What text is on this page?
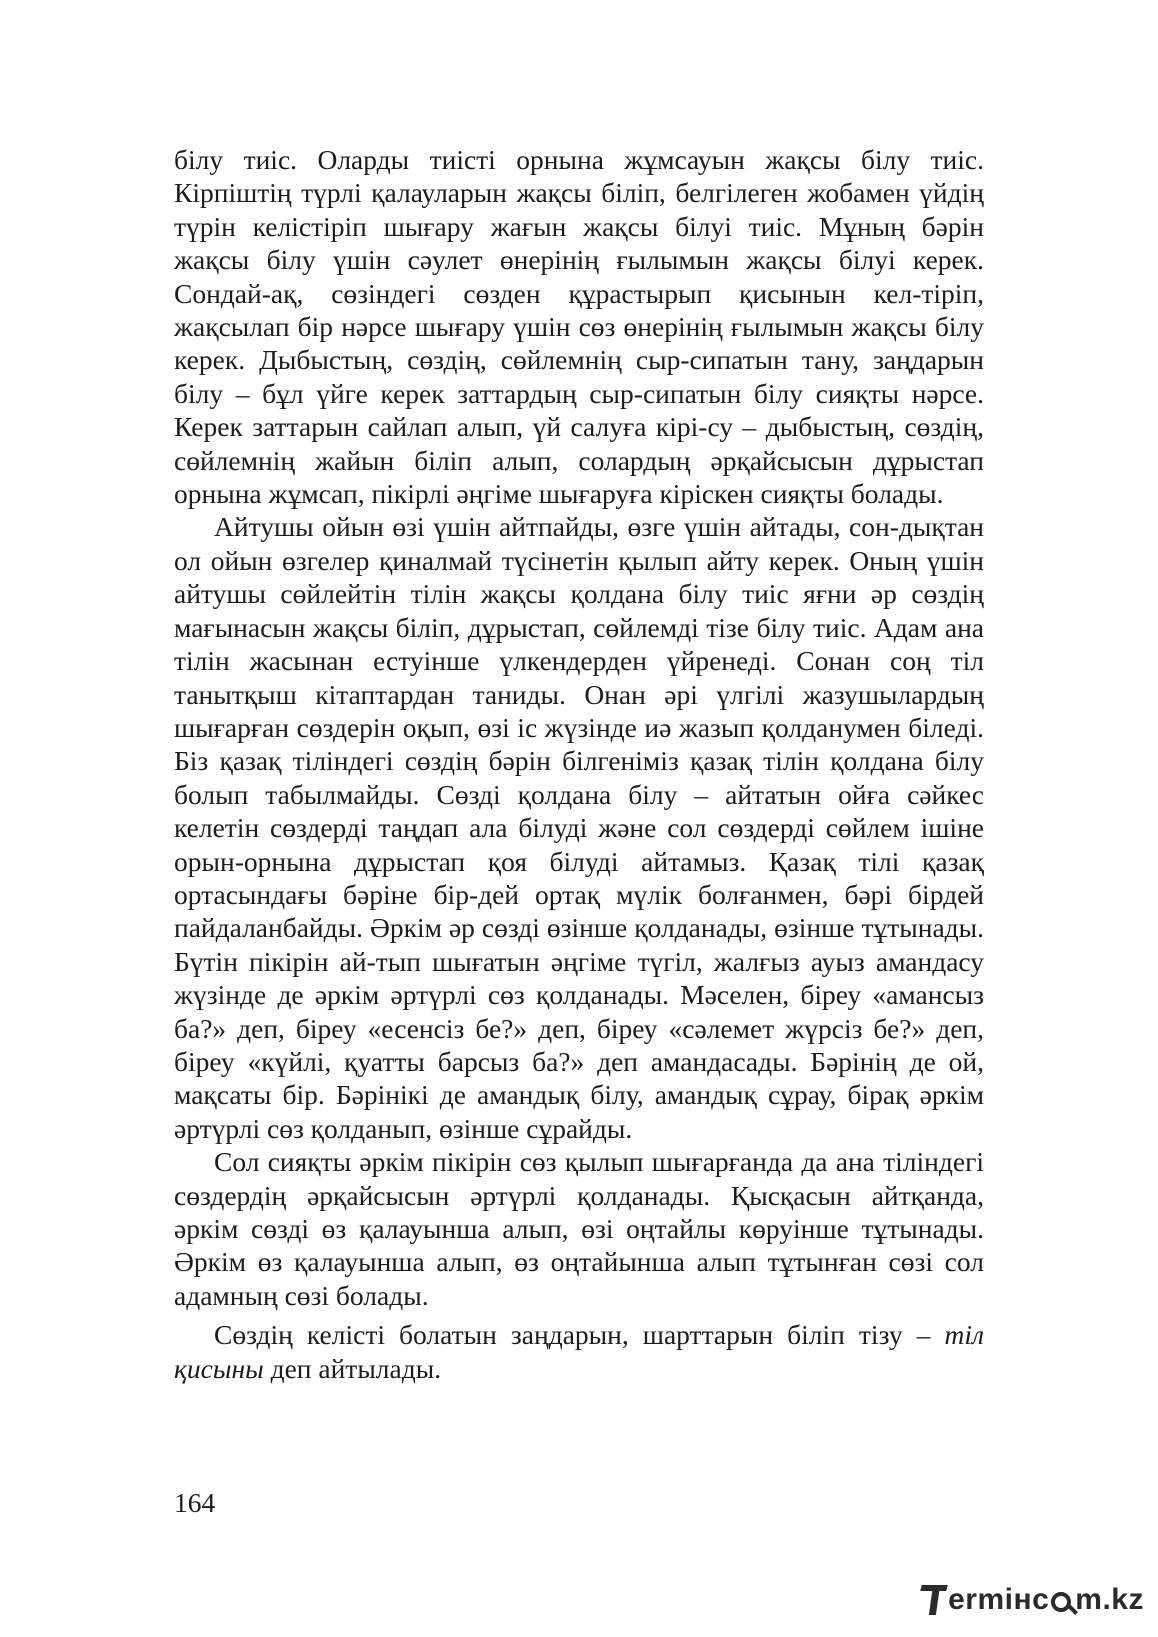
білу тиіс. Оларды тиісті орнына жұмсауын жақсы білу тиіс. Кірпіштің түрлі қалауларын жақсы біліп, белгілеген жобамен үйдің түрін келістіріп шығару жағын жақсы білуі тиіс. Мұның бәрін жақсы білу үшін сәулет өнерінің ғылымын жақсы білуі керек. Сондай-ақ, сөзіндегі сөзден құрастырып қисынын кел-тіріп, жақсылап бір нәрсе шығару үшін сөз өнерінің ғылымын жақсы білу керек. Дыбыстың, сөздің, сөйлемнің сыр-сипатын тану, заңдарын білу – бұл үйге керек заттардың сыр-сипатын білу сияқты нәрсе. Керек заттарын сайлап алып, үй салуға кірі-су – дыбыстың, сөздің, сөйлемнің жайын біліп алып, солардың әрқайсысын дұрыстап орнына жұмсап, пікірлі әңгіме шығаруға кіріскен сияқты болады.

Айтушы ойын өзі үшін айтпайды, өзге үшін айтады, сон-дықтан ол ойын өзгелер қиналмай түсінетін қылып айту керек. Оның үшін айтушы сөйлейтін тілін жақсы қолдана білу тиіс яғни әр сөздің мағынасын жақсы біліп, дұрыстап, сөйлемді тізе білу тиіс. Адам ана тілін жасынан естуінше үлкендерден үйренеді. Сонан соң тіл танытқыш кітаптардан таниды. Онан әрі үлгілі жазушылардың шығарған сөздерін оқып, өзі іс жүзінде иә жазып қолданумен біледі. Біз қазақ тіліндегі сөздің бәрін білгеніміз қазақ тілін қолдана білу болып табылмайды. Сөзді қолдана білу – айтатын ойға сәйкес келетін сөздерді таңдап ала білуді және сол сөздерді сөйлем ішіне орын-орнына дұрыстап қоя білуді айтамыз. Қазақ тілі қазақ ортасындағы бәріне бір-дей ортақ мүлік болғанмен, бәрі бірдей пайдаланбайды. Әркім әр сөзді өзінше қолданады, өзінше тұтынады. Бүтін пікірін ай-тып шығатын әңгіме түгіл, жалғыз ауыз амандасу жүзінде де әркім әртүрлі сөз қолданады. Мәселен, біреу «амансыз ба?» деп, біреу «есенсіз бе?» деп, біреу «сәлемет жүрсіз бе?» деп, біреу «күйлі, қуатты барсыз ба?» деп амандасады. Бәрінің де ой, мақсаты бір. Бәрінікі де амандық білу, амандық сұрау, бірақ әркім әртүрлі сөз қолданып, өзінше сұрайды.

Сол сияқты әркім пікірін сөз қылып шығарғанда да ана тіліндегі сөздердің әрқайсысын әртүрлі қолданады. Қысқасын айтқанда, әркім сөзді өз қалауынша алып, өзі оңтайлы көруінше тұтынады. Әркім өз қалауынша алып, өз оңтайынша алып тұтынған сөзі сол адамның сөзі болады.

Сөздің келісті болатын заңдарын, шарттарын біліп тізу – тіл қисыны деп айтылады.

164
ermінс m.kz
